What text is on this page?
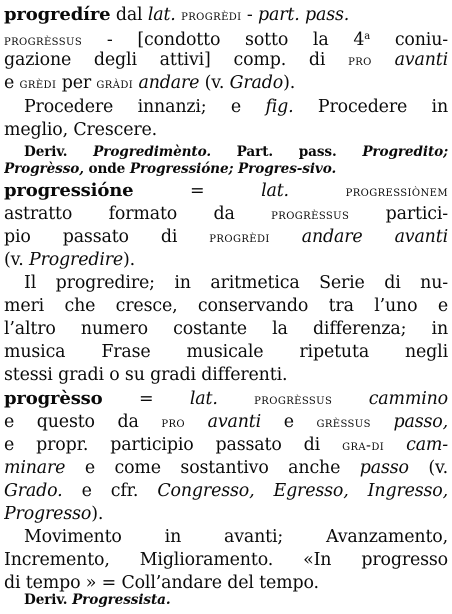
progredíre dal lat. progrèdi - part. pass.
progrèssus - [condotto sotto la 4$^a$ coniu-
gazione degli attivi] comp. di pro avanti
e grèdi per gràdi andare (v. Grado).
Procedere innanzi; e fig. Procedere in
meglio, Crescere.
Deriv. Progredimènto. Part. pass. Progredito;
Progrèsso, onde Progressióne; Progres-sivo.
progressióne = lat.	progressiònem
astratto formato da progrèssus partici-
pio passato di progrèdi andare avanti
(v. Progredire).
Il progredire; in aritmetica Serie di nu-
meri che cresce, conservando tra l’uno e
l’altro numero costante la differenza; in
musica Frase musicale ripetuta negli
stessi gradi o su gradi differenti.
progrèsso = lat. progrèssus cammino
e questo da pro avanti e grèssus passo,
e propr. participio passato di gra-di cam-
minare e come sostantivo anche passo (v.
Grado. e cfr. Congresso, Egresso, Ingresso,
Progresso).
Movimento in avanti; Avanzamento,
Incremento, Miglioramento. «In progresso
di tempo » = Coll’andare del tempo.
Deriv. Progressista.
